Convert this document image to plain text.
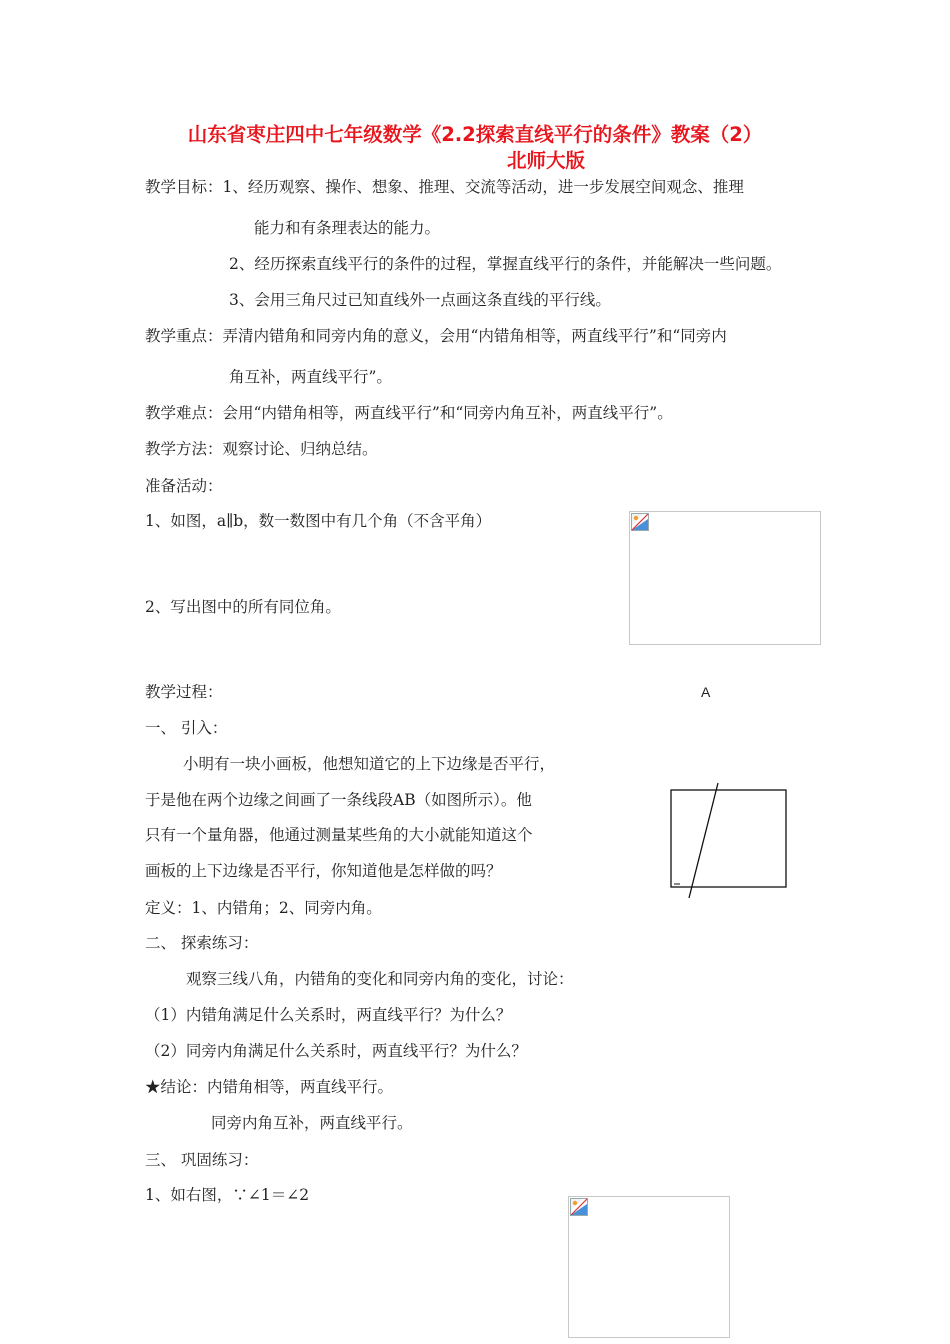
山东省枣庄四中七年级数学《2.2探索直线平行的条件》教案（2）
北师大版
教学目标：1、经历观察、操作、想象、推理、交流等活动，进一步发展空间观念、推理
能力和有条理表达的能力。
2、经历探索直线平行的条件的过程，掌握直线平行的条件，并能解决一些问题。
3、会用三角尺过已知直线外一点画这条直线的平行线。
教学重点：弄清内错角和同旁内角的意义，会用“内错角相等，两直线平行”和“同旁内
角互补，两直线平行”。
教学难点：会用“内错角相等，两直线平行”和“同旁内角互补，两直线平行”。
教学方法：观察讨论、归纳总结。
准备活动：
1、如图，a∥b，数一数图中有几个角（不含平角）
2、写出图中的所有同位角。
教学过程：	A
一、 引入：
小明有一块小画板，他想知道它的上下边缘是否平行，
于是他在两个边缘之间画了一条线段AB（如图所示）。他
只有一个量角器，他通过测量某些角的大小就能知道这个
画板的上下边缘是否平行，你知道他是怎样做的吗？
定义：1、内错角；2、同旁内角。
二、 探索练习：
观察三线八角，内错角的变化和同旁内角的变化，讨论：
（1）内错角满足什么关系时，两直线平行？为什么？
（2）同旁内角满足什么关系时，两直线平行？为什么？
★结论：内错角相等，两直线平行。
同旁内角互补，两直线平行。
三、 巩固练习：
1、如右图，∵∠1＝∠2
